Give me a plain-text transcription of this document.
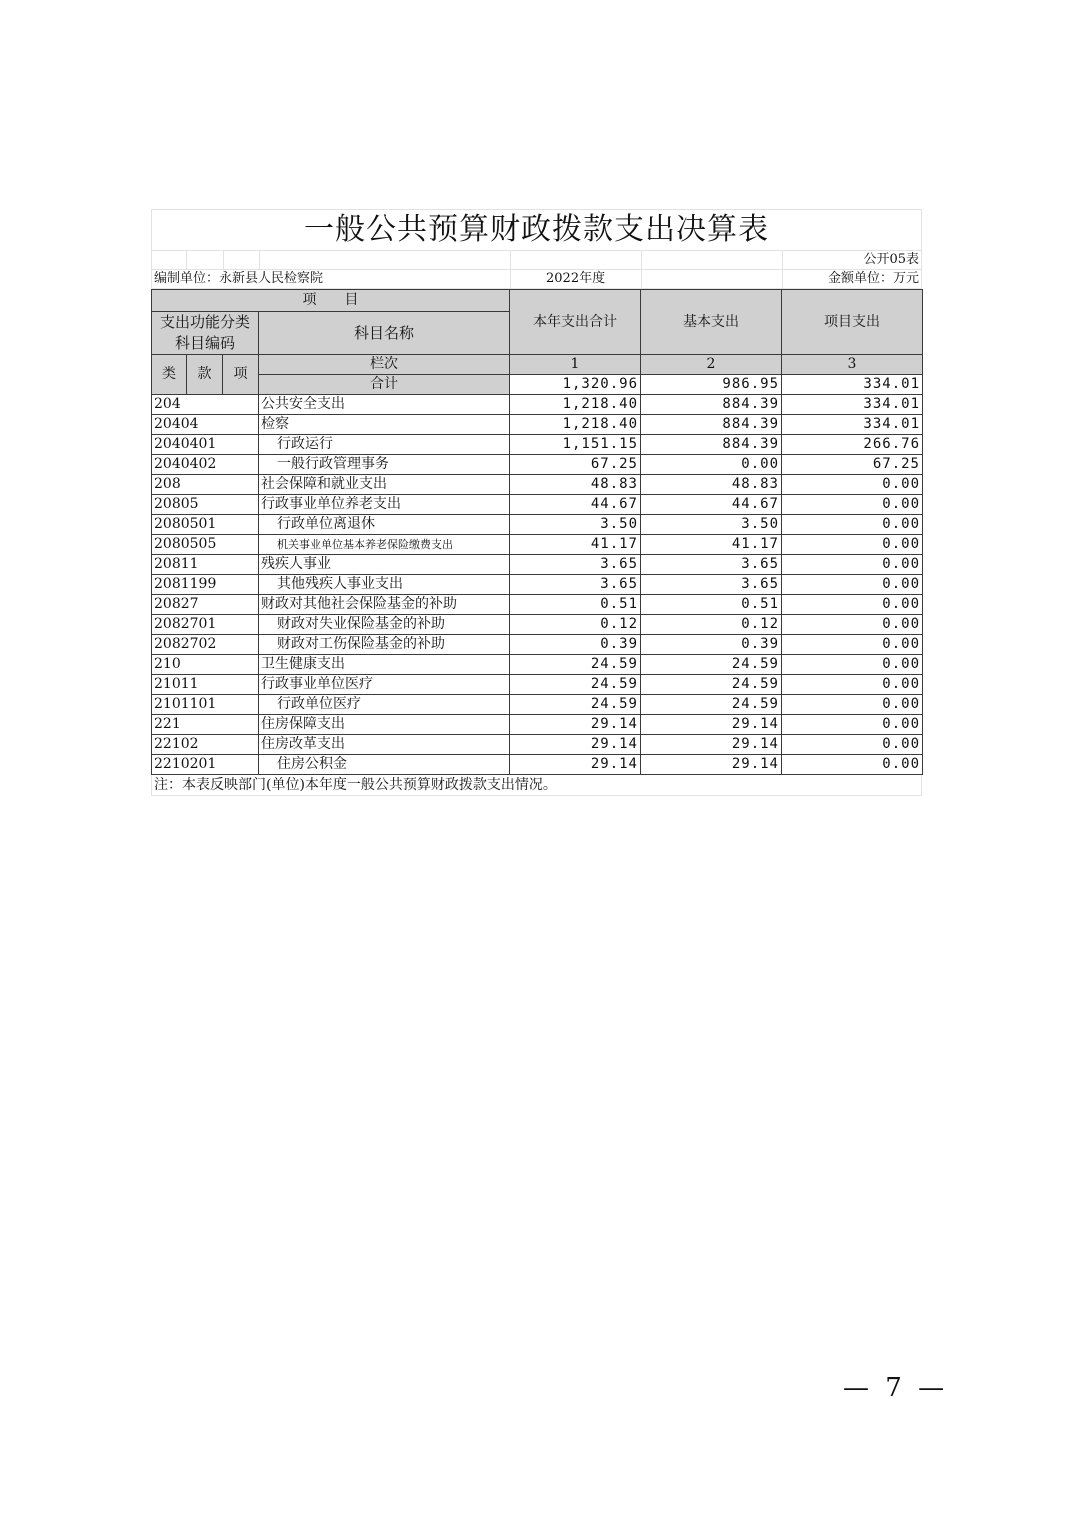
一般公共预算财政拨款支出决算表
公开05表
编制单位：永新县人民检察院	2022年度	金额单位：万元
项　　目				本年支出合计	基本支出	项目支出
支出功能分类科目编码			科目名称			

类	款	项	栏次	1	2	3
			合计	1,320.96	986.95	334.01
204			公共安全支出	1,218.40	884.39	334.01
20404			检察	1,218.40	884.39	334.01
2040401			行政运行	1,151.15	884.39	266.76
2040402			一般行政管理事务	67.25	0.00	67.25
208			社会保障和就业支出	48.83	48.83	0.00
20805			行政事业单位养老支出	44.67	44.67	0.00
2080501			行政单位离退休	3.50	3.50	0.00
2080505			机关事业单位基本养老保险缴费支出	41.17	41.17	0.00
20811			残疾人事业	3.65	3.65	0.00
2081199			其他残疾人事业支出	3.65	3.65	0.00
20827			财政对其他社会保险基金的补助	0.51	0.51	0.00
2082701			财政对失业保险基金的补助	0.12	0.12	0.00
2082702			财政对工伤保险基金的补助	0.39	0.39	0.00
210			卫生健康支出	24.59	24.59	0.00
21011			行政事业单位医疗	24.59	24.59	0.00
2101101			行政单位医疗	24.59	24.59	0.00
221			住房保障支出	29.14	29.14	0.00
22102			住房改革支出	29.14	29.14	0.00
2210201			住房公积金	29.14	29.14	0.00
注：本表反映部门(单位)本年度一般公共预算财政拨款支出情况。
— 7 —
